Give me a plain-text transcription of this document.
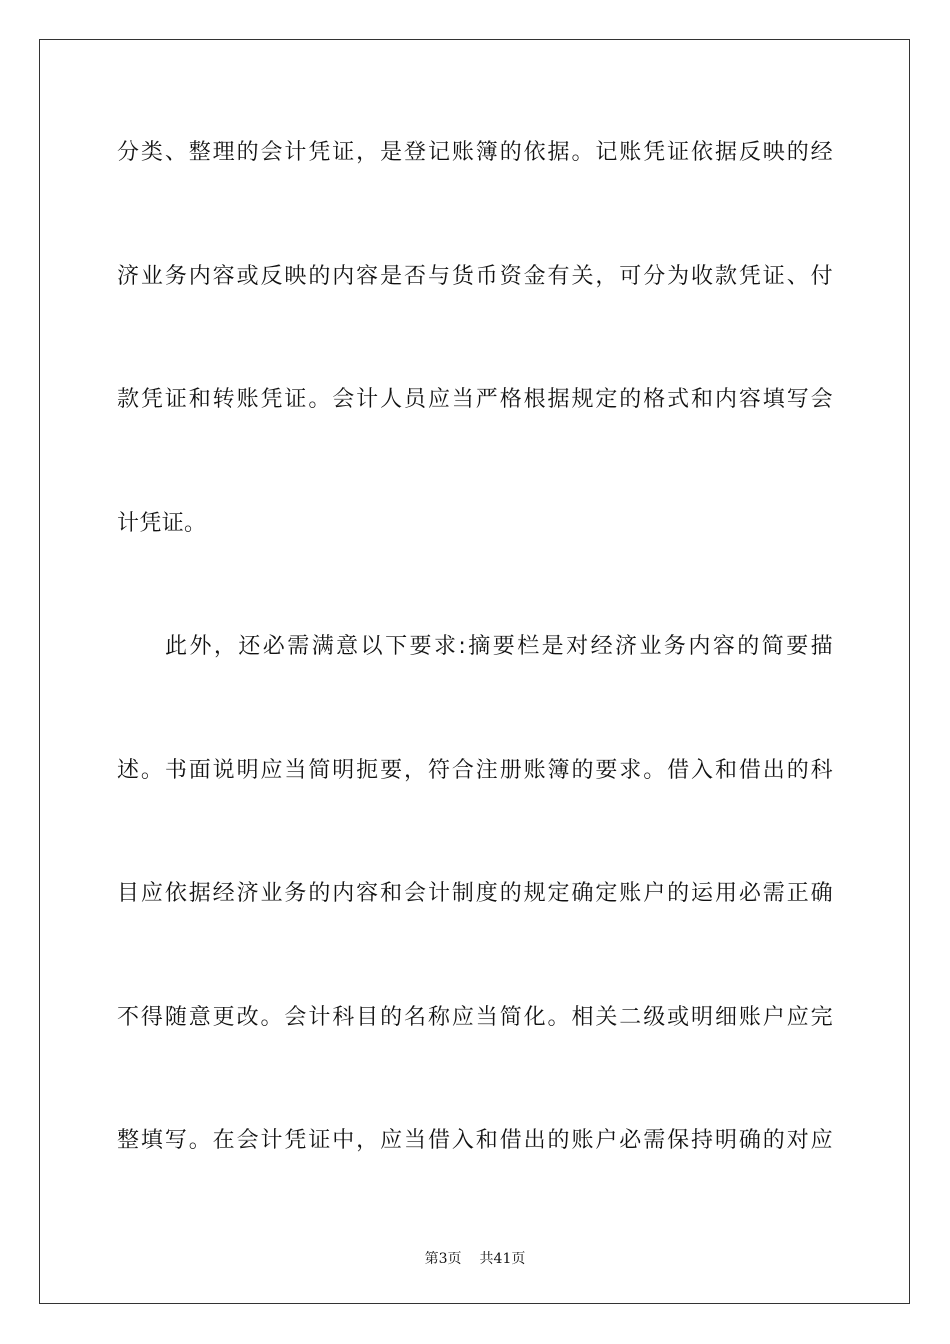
分类、整理的会计凭证，是登记账簿的依据。记账凭证依据反映的经
济业务内容或反映的内容是否与货币资金有关，可分为收款凭证、付
款凭证和转账凭证。会计人员应当严格根据规定的格式和内容填写会
计凭证。
此外，还必需满意以下要求:摘要栏是对经济业务内容的简要描
述。书面说明应当简明扼要，符合注册账簿的要求。借入和借出的科
目应依据经济业务的内容和会计制度的规定确定账户的运用必需正确
不得随意更改。会计科目的名称应当简化。相关二级或明细账户应完
整填写。在会计凭证中，应当借入和借出的账户必需保持明确的对应
第3页 共41页
